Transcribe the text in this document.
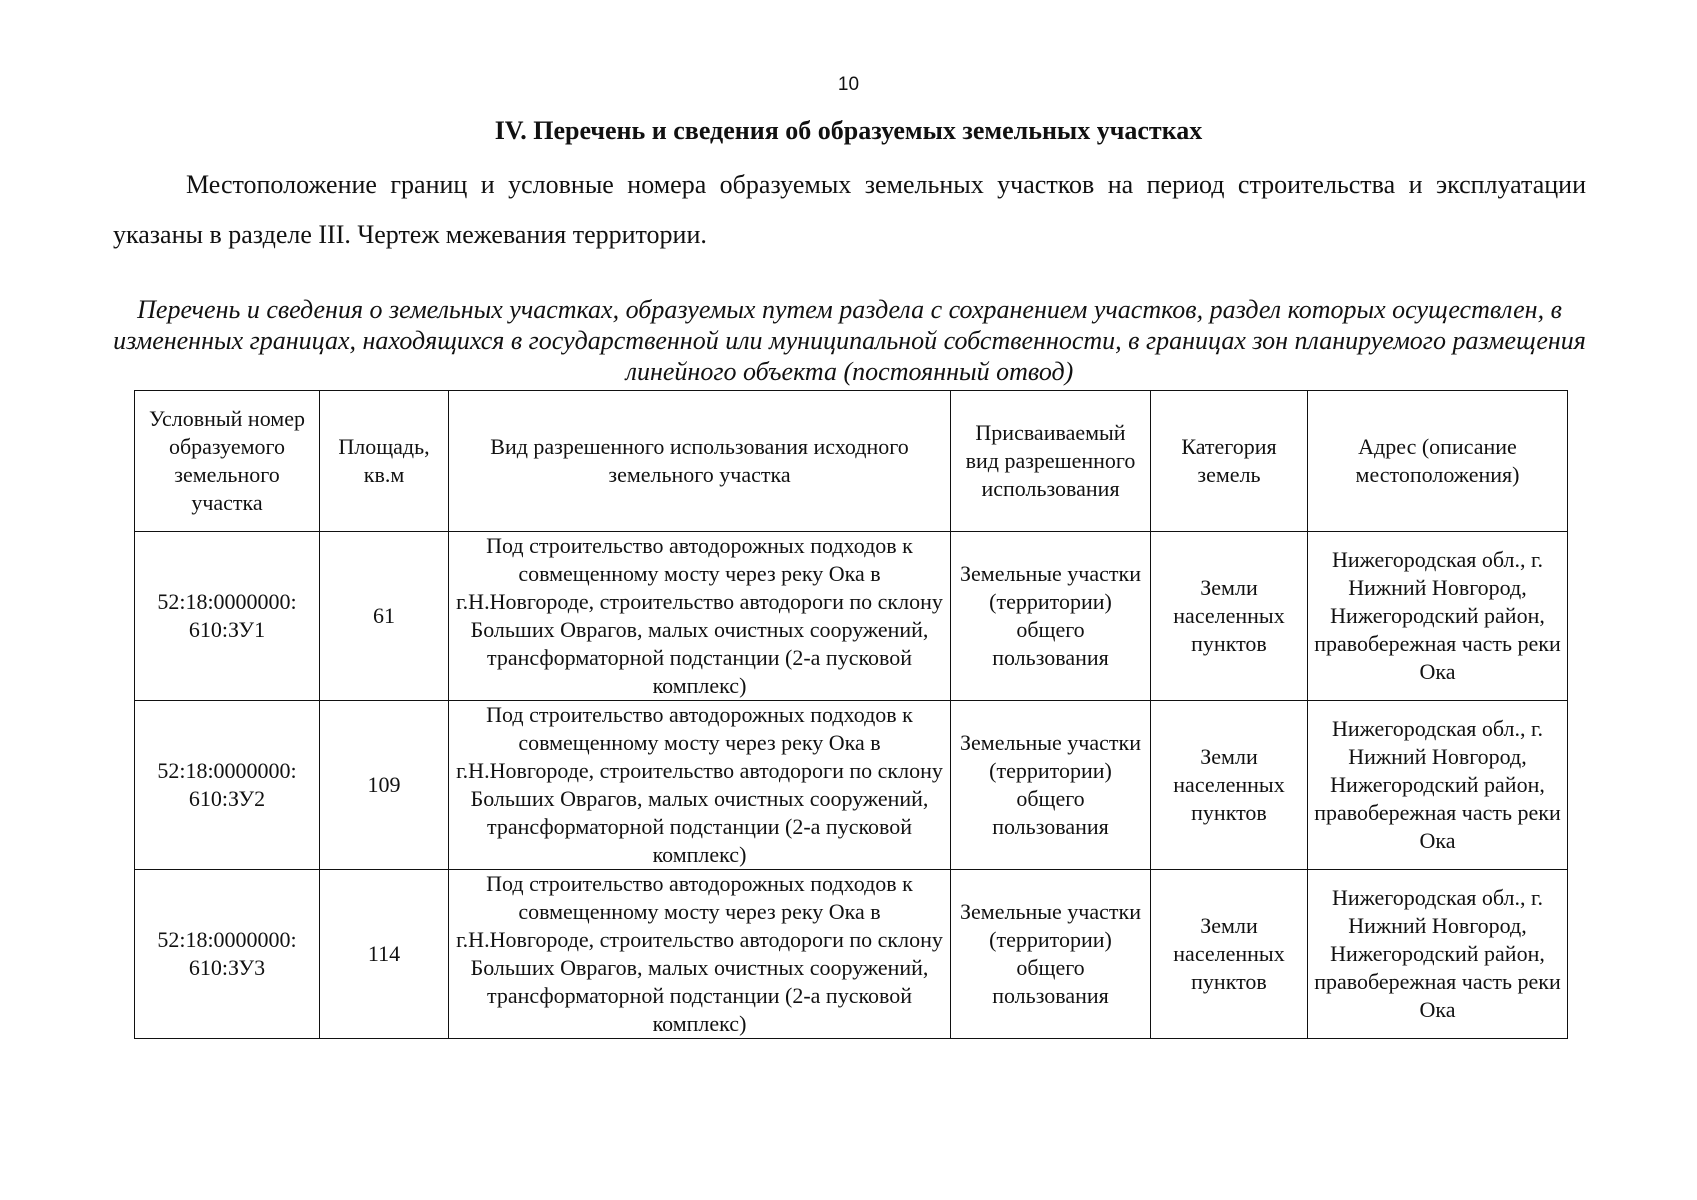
10
IV. Перечень и сведения об образуемых земельных участках

Местоположение границ и условные номера образуемых земельных участков на период строительства и эксплуатации указаны в разделе III. Чертеж межевания территории.

Перечень и сведения о земельных участках, образуемых путем раздела с сохранением участков, раздел которых осуществлен, в измененных границах, находящихся в государственной или муниципальной собственности, в границах зон планируемого размещения линейного объекта (постоянный отвод)

Условный номер образуемого земельного участка	Площадь, кв.м	Вид разрешенного использования исходного земельного участка	Присваиваемый вид разрешенного использования	Категория земель	Адрес (описание местоположения)
52:18:0000000: 610:ЗУ1	61	Под строительство автодорожных подходов к совмещенному мосту через реку Ока в г.Н.Новгороде, строительство автодороги по склону Больших Оврагов, малых очистных сооружений, трансформаторной подстанции (2-а пусковой комплекс)	Земельные участки (территории) общего пользования	Земли населенных пунктов	Нижегородская обл., г. Нижний Новгород, Нижегородский район, правобережная часть реки Ока
52:18:0000000: 610:ЗУ2	109	Под строительство автодорожных подходов к совмещенному мосту через реку Ока в г.Н.Новгороде, строительство автодороги по склону Больших Оврагов, малых очистных сооружений, трансформаторной подстанции (2-а пусковой комплекс)	Земельные участки (территории) общего пользования	Земли населенных пунктов	Нижегородская обл., г. Нижний Новгород, Нижегородский район, правобережная часть реки Ока
52:18:0000000: 610:ЗУ3	114	Под строительство автодорожных подходов к совмещенному мосту через реку Ока в г.Н.Новгороде, строительство автодороги по склону Больших Оврагов, малых очистных сооружений, трансформаторной подстанции (2-а пусковой комплекс)	Земельные участки (территории) общего пользования	Земли населенных пунктов	Нижегородская обл., г. Нижний Новгород, Нижегородский район, правобережная часть реки Ока
